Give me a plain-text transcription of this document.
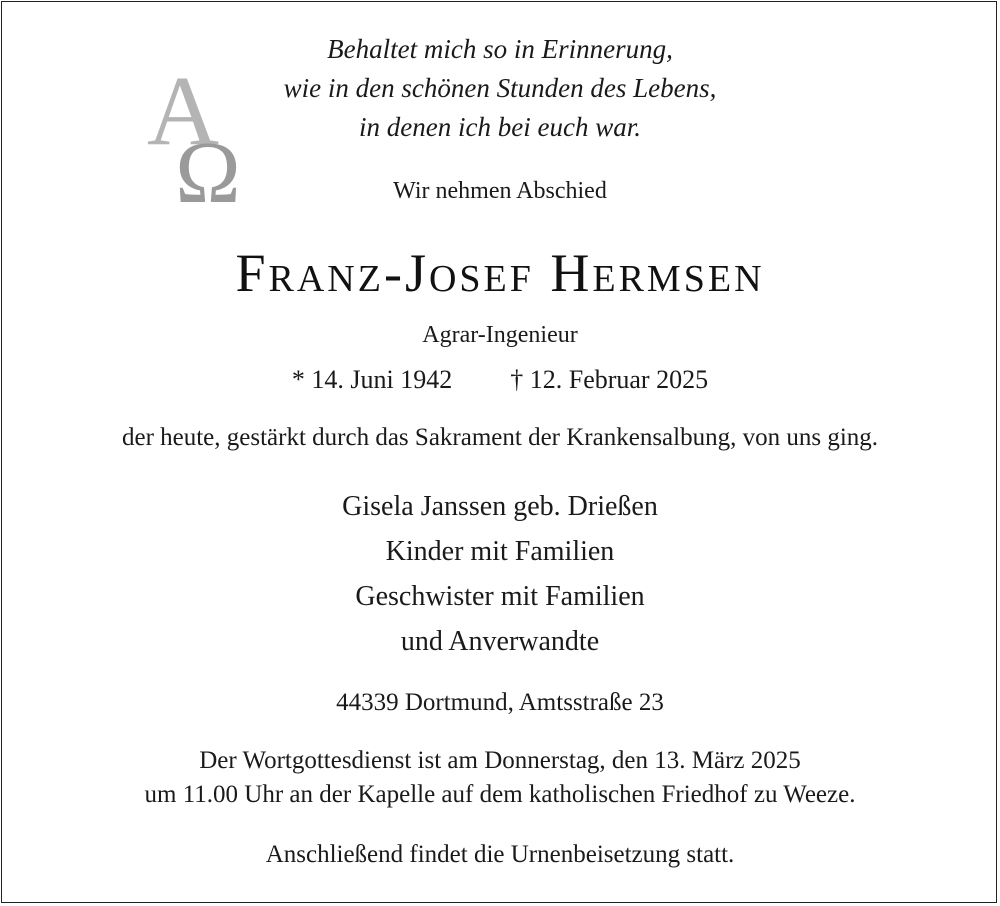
A
Ω
Behaltet mich so in Erinnerung,
wie in den schönen Stunden des Lebens,
in denen ich bei euch war.
Wir nehmen Abschied
Franz-Josef Hermsen
Agrar-Ingenieur
* 14. Juni 1942 † 12. Februar 2025
der heute, gestärkt durch das Sakrament der Krankensalbung, von uns ging.
Gisela Janssen geb. Drießen
Kinder mit Familien
Geschwister mit Familien
und Anverwandte
44339 Dortmund, Amtsstraße 23
Der Wortgottesdienst ist am Donnerstag, den 13. März 2025
um 11.00 Uhr an der Kapelle auf dem katholischen Friedhof zu Weeze.
Anschließend findet die Urnenbeisetzung statt.
